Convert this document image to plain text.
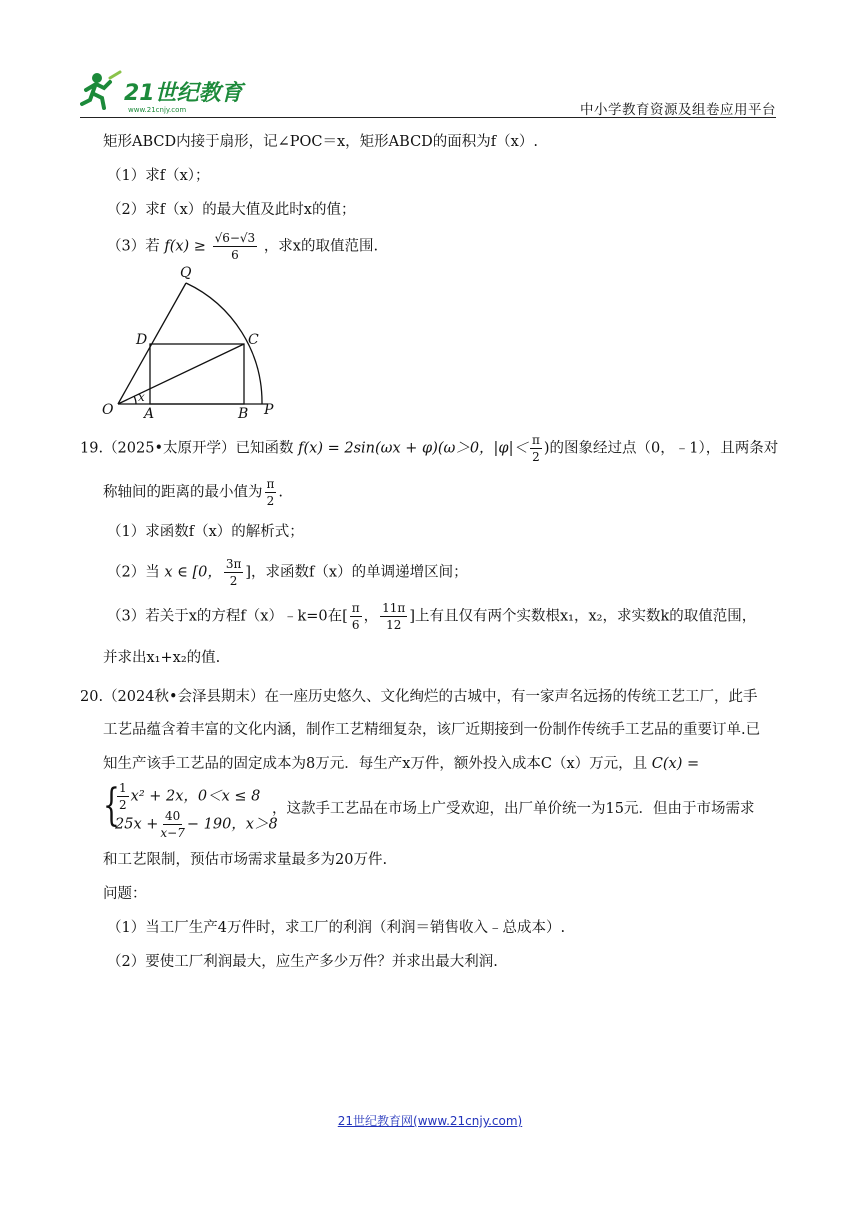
21世纪教育
www.21cnjy.com	中小学教育资源及组卷应用平台
矩形ABCD内接于扇形，记∠POC＝x，矩形ABCD的面积为f（x）.
（1）求f（x）；
（2）求f（x）的最大值及此时x的值；
（3）若 $f(x) \ge \frac{√6-√3}{6}$ ，求x的取值范围.
Q
D	C
O A	B P
x
19.（2025•太原开学）已知函数 f(x) = 2sin(ωx + φ)(ω＞0，$|\varphi|< \frac{\pi}{2}$ )的图象经过点（0，﹣1），且两条对
称轴间的距离的最小值为 $\frac{\pi}{2}$ .
（1）求函数f（x）的解析式；
（2）当 x ∈ [0， $\frac{3\pi}{2}$ ]，求函数f（x）的单调递增区间；
（3）若关于x的方程f（x）﹣k=0在[ $\frac{\pi}{6}$ ， $\frac{11\pi}{12}$ ]上有且仅有两个实数根x₁，x₂，求实数k的取值范围，
并求出x₁+x₂的值.
20.（2024秋•会泽县期末）在一座历史悠久、文化绚烂的古城中，有一家声名远扬的传统工艺工厂，此手
工艺品蕴含着丰富的文化内涵，制作工艺精细复杂，该厂近期接到一份制作传统手工艺品的重要订单.已
知生产该手工艺品的固定成本为8万元．每生产x万件，额外投入成本C（x）万元，且 C(x) =
{
$\frac{1}{2} x^2 + 2x$，0＜x ≤ 8
$25x + \frac{40}{x-7} - 190$，x＞8
，这款手工艺品在市场上广受欢迎，出厂单价统一为15元．但由于市场需求
和工艺限制，预估市场需求量最多为20万件.
问题：
（1）当工厂生产4万件时，求工厂的利润（利润＝销售收入﹣总成本）.
（2）要使工厂利润最大，应生产多少万件？并求出最大利润.
21世纪教育网(www.21cnjy.com)
